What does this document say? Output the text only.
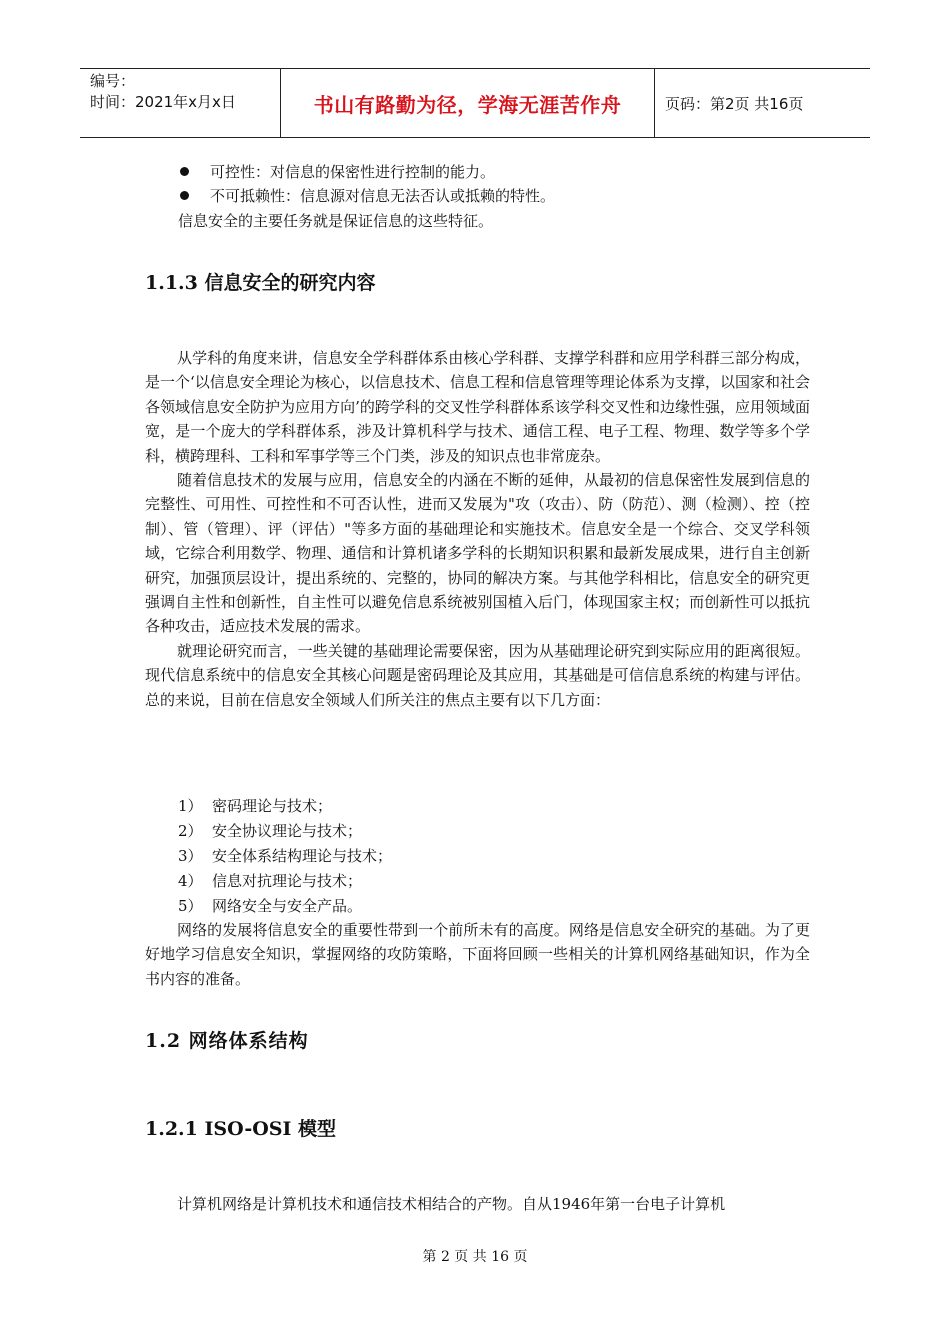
编号：
时间：2021年x月x日	书山有路勤为径，学海无涯苦作舟	页码：第2页 共16页
可控性：对信息的保密性进行控制的能力。
不可抵赖性：信息源对信息无法否认或抵赖的特性。
信息安全的主要任务就是保证信息的这些特征。
1.1.3 信息安全的研究内容

从学科的角度来讲，信息安全学科群体系由核心学科群、支撑学科群和应用学科群三部分构成，是一个‘以信息安全理论为核心，以信息技术、信息工程和信息管理等理论体系为支撑，以国家和社会各领域信息安全防护为应用方向’的跨学科的交叉性学科群体系该学科交叉性和边缘性强，应用领域面宽，是一个庞大的学科群体系，涉及计算机科学与技术、通信工程、电子工程、物理、数学等多个学科，横跨理科、工科和军事学等三个门类，涉及的知识点也非常庞杂。

随着信息技术的发展与应用，信息安全的内涵在不断的延伸，从最初的信息保密性发展到信息的完整性、可用性、可控性和不可否认性，进而又发展为"攻（攻击）、防（防范）、测（检测）、控（控制）、管（管理）、评（评估）"等多方面的基础理论和实施技术。信息安全是一个综合、交叉学科领域，它综合利用数学、物理、通信和计算机诸多学科的长期知识积累和最新发展成果，进行自主创新研究，加强顶层设计，提出系统的、完整的，协同的解决方案。与其他学科相比，信息安全的研究更强调自主性和创新性，自主性可以避免信息系统被别国植入后门，体现国家主权；而创新性可以抵抗各种攻击，适应技术发展的需求。

就理论研究而言，一些关键的基础理论需要保密，因为从基础理论研究到实际应用的距离很短。现代信息系统中的信息安全其核心问题是密码理论及其应用，其基础是可信信息系统的构建与评估。总的来说，目前在信息安全领域人们所关注的焦点主要有以下几方面：

1） 密码理论与技术；
2） 安全协议理论与技术；
3） 安全体系结构理论与技术；
4） 信息对抗理论与技术；
5） 网络安全与安全产品。

网络的发展将信息安全的重要性带到一个前所未有的高度。网络是信息安全研究的基础。为了更好地学习信息安全知识，掌握网络的攻防策略，下面将回顾一些相关的计算机网络基础知识，作为全书内容的准备。

1.2 网络体系结构
1.2.1 ISO-OSI 模型

计算机网络是计算机技术和通信技术相结合的产物。自从1946年第一台电子计算机

第 2 页 共 16 页
